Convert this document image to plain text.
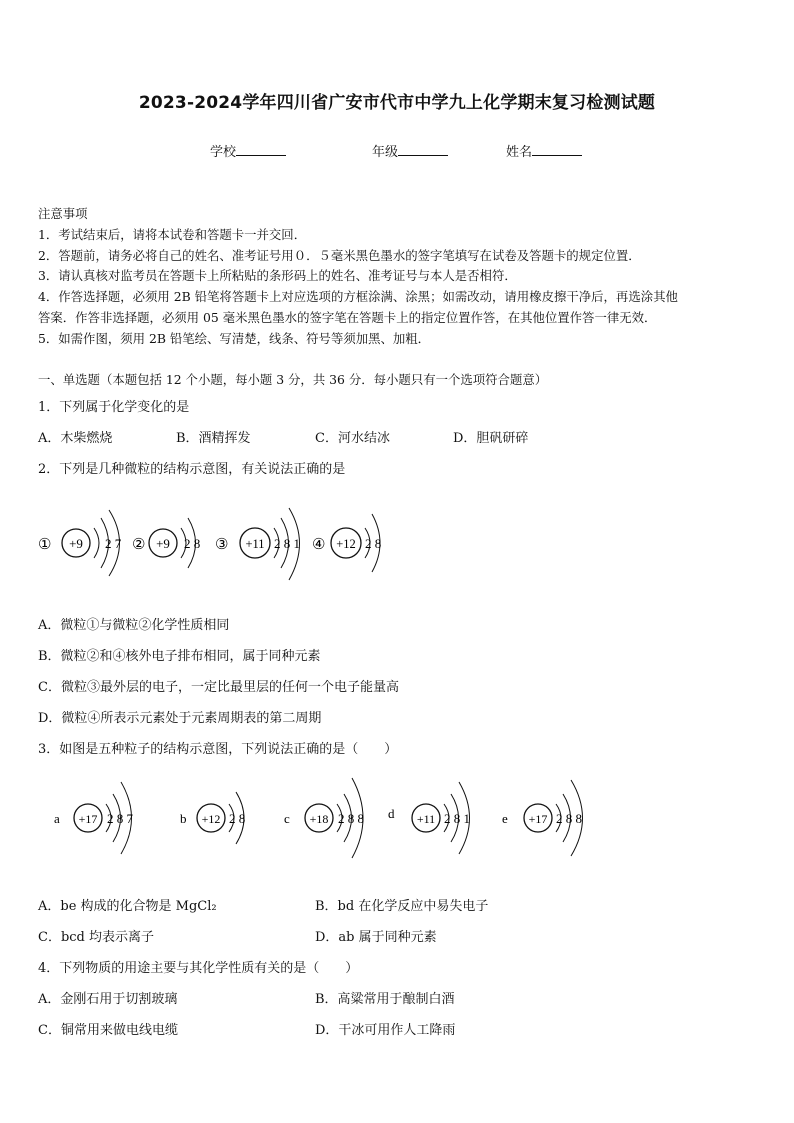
2023-2024学年四川省广安市代市中学九上化学期末复习检测试题
学校	年级	姓名
注意事项
1．考试结束后，请将本试卷和答题卡一并交回．
2．答题前，请务必将自己的姓名、准考证号用０．５毫米黑色墨水的签字笔填写在试卷及答题卡的规定位置．
3．请认真核对监考员在答题卡上所粘贴的条形码上的姓名、准考证号与本人是否相符．
4．作答选择题，必须用 2B 铅笔将答题卡上对应选项的方框涂满、涂黑；如需改动，请用橡皮擦干净后，再选涂其他
答案．作答非选择题，必须用 05 毫米黑色墨水的签字笔在答题卡上的指定位置作答，在其他位置作答一律无效．
5．如需作图，须用 2B 铅笔绘、写清楚，线条、符号等须加黑、加粗．
一、单选题（本题包括 12 个小题，每小题 3 分，共 36 分．每小题只有一个选项符合题意）
1．下列属于化学变化的是
A．木柴燃烧	B．酒精挥发	C．河水结冰	D．胆矾研碎
2．下列是几种微粒的结构示意图，有关说法正确的是
① +9 2 7 ② +9 2 8 ③ +11 2 8 1 ④ +12 2 8
A．微粒①与微粒②化学性质相同
B．微粒②和④核外电子排布相同，属于同种元素
C．微粒③最外层的电子，一定比最里层的任何一个电子能量高
D．微粒④所表示元素处于元素周期表的第二周期
3．如图是五种粒子的结构示意图，下列说法正确的是（　　）
a +17 2 8 7	b +12 2 8	c +18 2 8 8 d +11 2 8 1 e +17 2 8 8
A．be 构成的化合物是 MgCl₂	B．bd 在化学反应中易失电子
C．bcd 均表示离子	D．ab 属于同种元素
4．下列物质的用途主要与其化学性质有关的是（　　）
A．金刚石用于切割玻璃	B．高粱常用于酿制白酒
C．铜常用来做电线电缆	D．干冰可用作人工降雨
